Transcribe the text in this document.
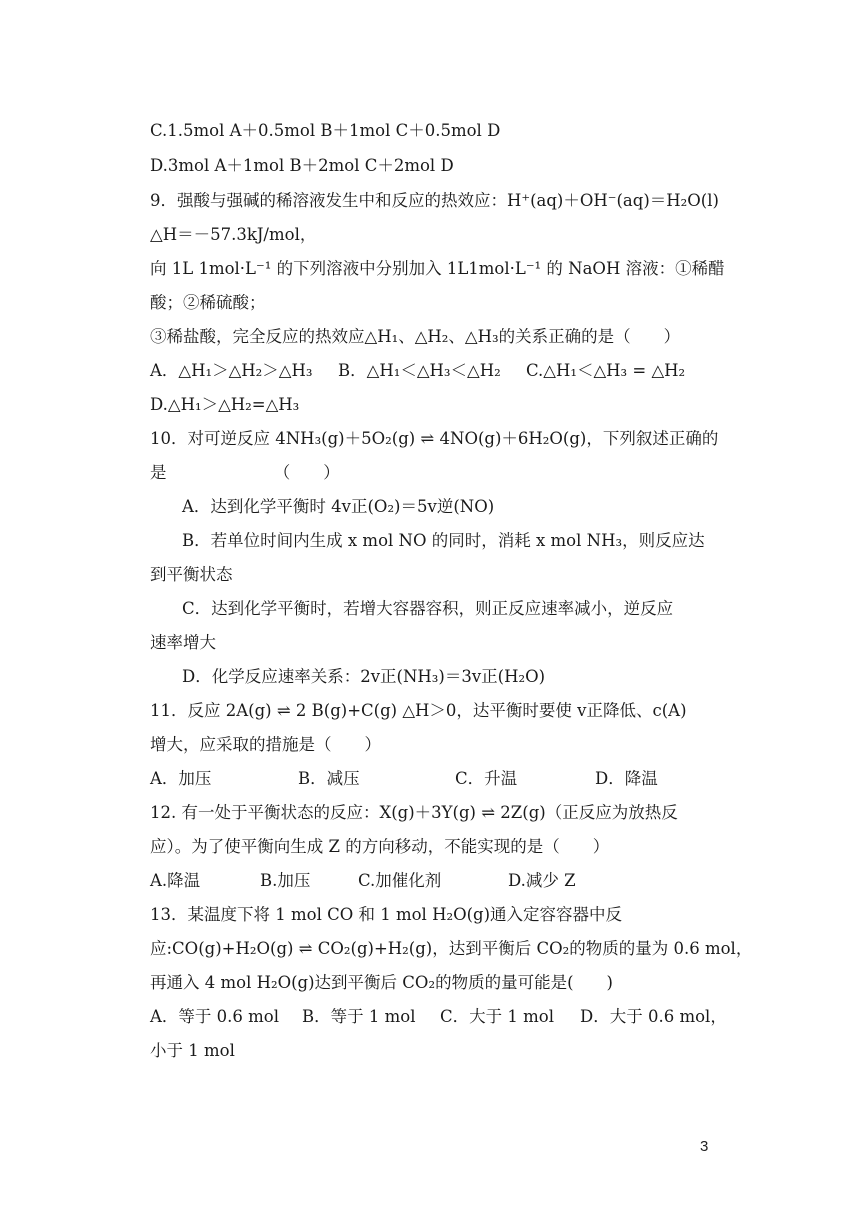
C.1.5mol A＋0.5mol B＋1mol C＋0.5mol D
D.3mol A＋1mol B＋2mol C＋2mol D
9．强酸与强碱的稀溶液发生中和反应的热效应：H⁺(aq)＋OH⁻(aq)＝H₂O(l)
△H＝－57.3kJ/mol，
向 1L 1mol·L⁻¹ 的下列溶液中分别加入 1L1mol·L⁻¹ 的 NaOH 溶液：①稀醋
酸；②稀硫酸；
③稀盐酸，完全反应的热效应△H₁、△H₂、△H₃的关系正确的是（　　）
A．△H₁＞△H₂＞△H₃ B．△H₁＜△H₃＜△H₂ C.△H₁＜△H₃ = △H₂
D.△H₁＞△H₂=△H₃
10．对可逆反应 4NH₃(g)＋5O₂(g) ⇌ 4NO(g)＋6H₂O(g)，下列叙述正确的
是　　　　　　　（　　）
A．达到化学平衡时 4v正(O₂)＝5v逆(NO)
B．若单位时间内生成 x mol NO 的同时，消耗 x mol NH₃，则反应达
到平衡状态
C．达到化学平衡时，若增大容器容积，则正反应速率减小，逆反应
速率增大
D．化学反应速率关系：2v正(NH₃)＝3v正(H₂O)
11．反应 2A(g) ⇌ 2 B(g)+C(g) △H＞0，达平衡时要使 v正降低、c(A)
增大，应采取的措施是（　　）
A．加压	B．减压	C．升温	D．降温
12. 有一处于平衡状态的反应：X(g)＋3Y(g) ⇌ 2Z(g)（正反应为放热反
应）。为了使平衡向生成 Z 的方向移动，不能实现的是（　　）
A.降温	B.加压	C.加催化剂	D.减少 Z
13．某温度下将 1 mol CO 和 1 mol H₂O(g)通入定容容器中反
应:CO(g)+H₂O(g) ⇌ CO₂(g)+H₂(g)，达到平衡后 CO₂的物质的量为 0.6 mol，
再通入 4 mol H₂O(g)达到平衡后 CO₂的物质的量可能是(　　)
A．等于 0.6 mol B．等于 1 mol C．大于 1 mol D．大于 0.6 mol，
小于 1 mol
3
